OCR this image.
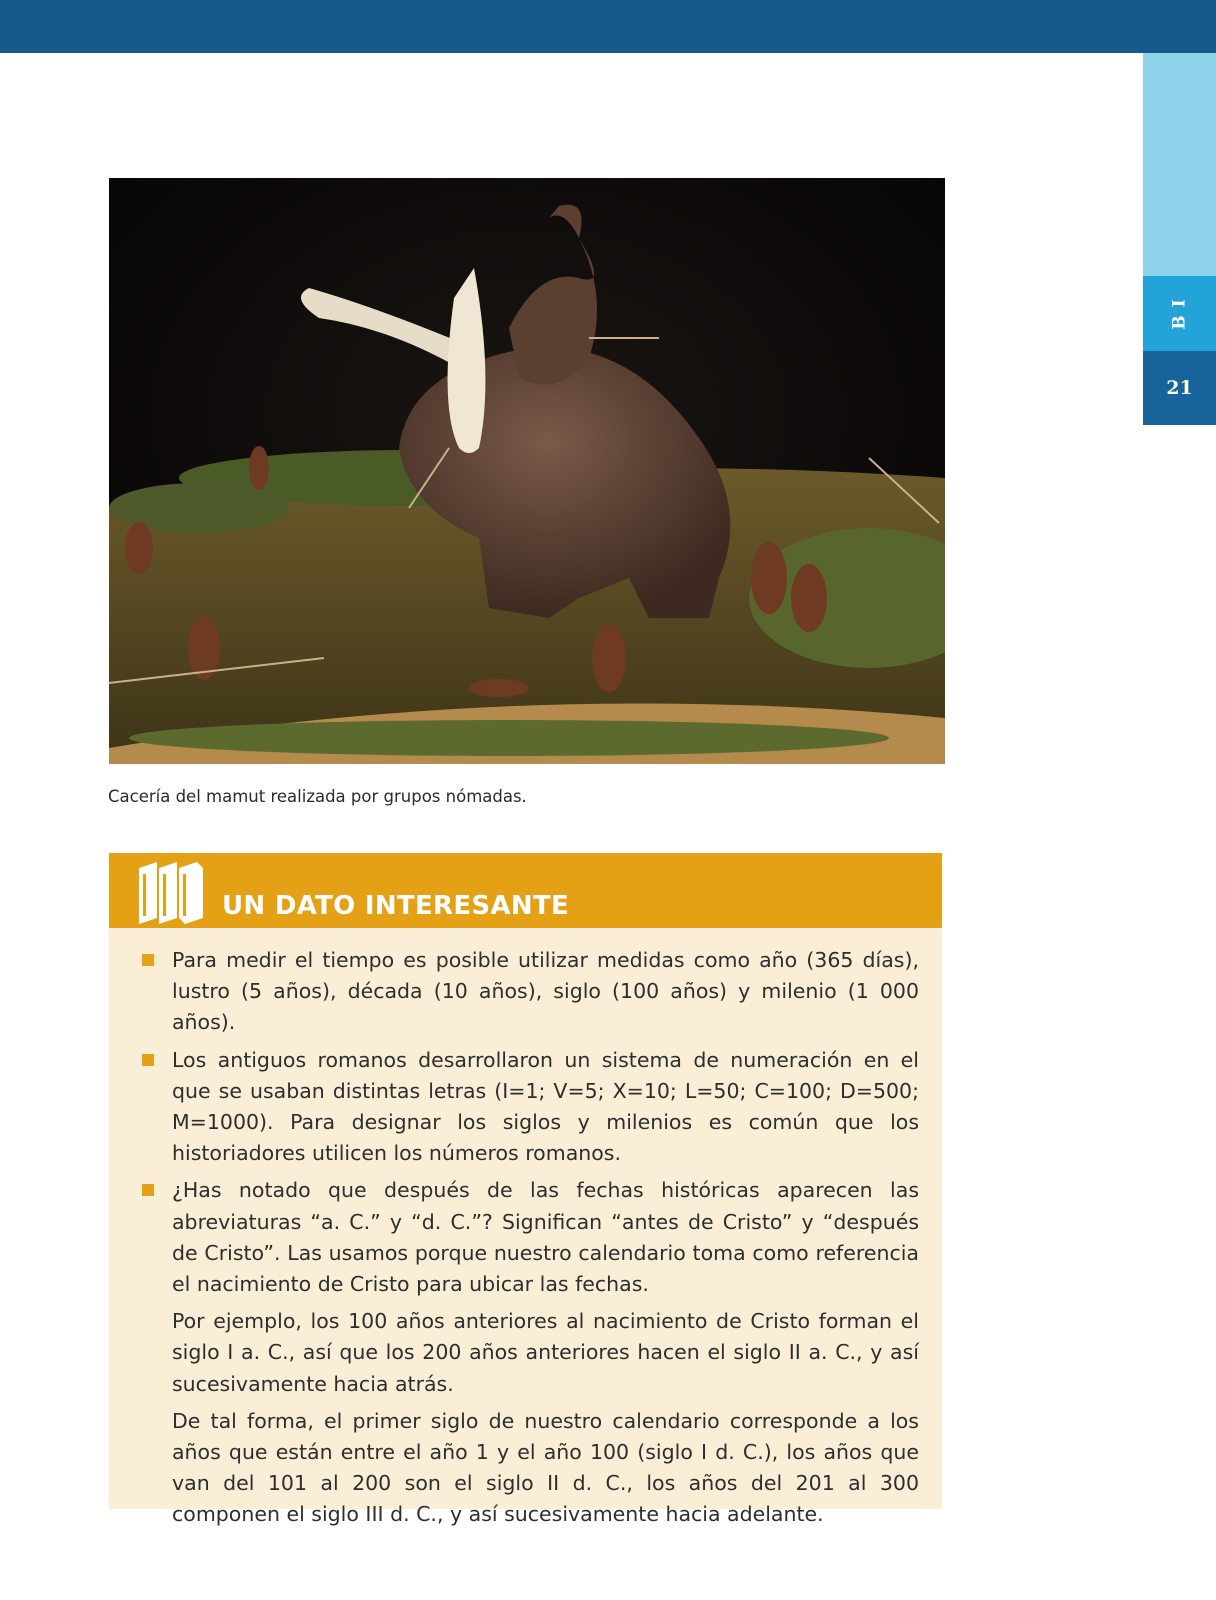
B I
21
Cacería del mamut realizada por grupos nómadas.
UN DATO INTERESANTE

Para medir el tiempo es posible utilizar medidas como año (365 días), lustro (5 años), década (10 años), siglo (100 años) y milenio (1 000 años).

Los antiguos romanos desarrollaron un sistema de numeración en el que se usaban distintas letras (I=1; V=5; X=10; L=50; C=100; D=500; M=1000). Para designar los siglos y milenios es común que los historiadores utilicen los números romanos.

¿Has notado que después de las fechas históricas aparecen las abreviaturas “a. C.” y “d. C.”? Significan “antes de Cristo” y “después de Cristo”. Las usamos porque nuestro calendario toma como referencia el nacimiento de Cristo para ubicar las fechas.

Por ejemplo, los 100 años anteriores al nacimiento de Cristo forman el siglo I a. C., así que los 200 años anteriores hacen el siglo II a. C., y así sucesivamente hacia atrás.

De tal forma, el primer siglo de nuestro calendario corresponde a los años que están entre el año 1 y el año 100 (siglo I d. C.), los años que van del 101 al 200 son el siglo II d. C., los años del 201 al 300 componen el siglo III d. C., y así sucesivamente hacia adelante.
